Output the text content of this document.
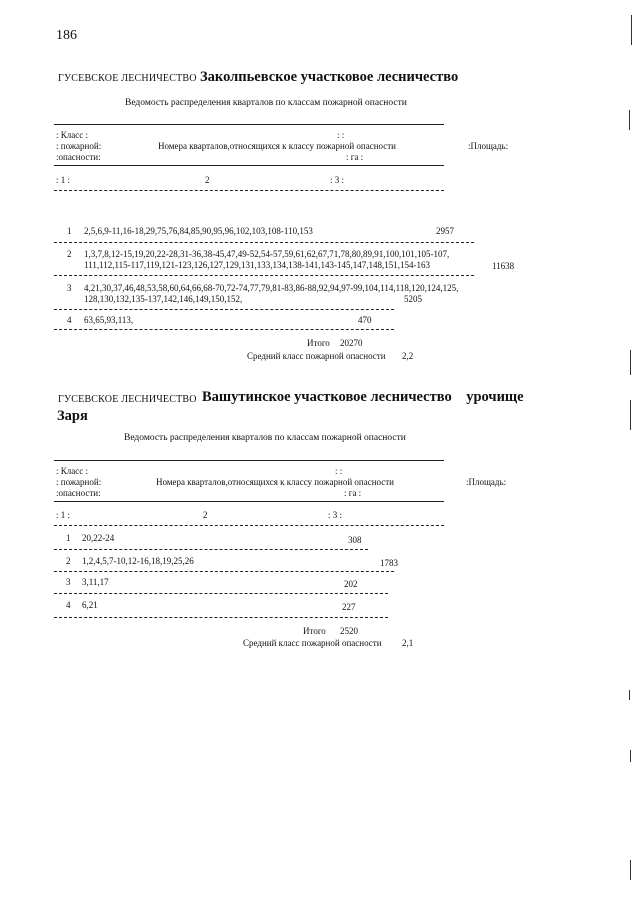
186
ГУСЕВСКОЕ ЛЕСНИЧЕСТВО Заколпьевское участковое лесничество
Ведомость распределения кварталов по классам пожарной опасности
: Класс :
: пожарной:
:опасности:
: :
Номера кварталов,относящихся к классу пожарной опасности
: га :
:Площадь:
: 1 :	2	: 3 :
1 2,5,6,9-11,16-18,29,75,76,84,85,90,95,96,102,103,108-110,153	2957
2 1,3,7,8,12-15,19,20,22-28,31-36,38-45,47,49-52,54-57,59,61,62,67,71,78,80,89,91,100,101,105-107,
111,112,115-117,119,121-123,126,127,129,131,133,134,138-141,143-145,147,148,151,154-163	11638
3 4,21,30,37,46,48,53,58,60,64,66,68-70,72-74,77,79,81-83,86-88,92,94,97-99,104,114,118,120,124,125,
128,130,132,135-137,142,146,149,150,152,	5205
4 63,65,93,113,	470
Итого 20270
Средний класс пожарной опасности 2,2
ГУСЕВСКОЕ ЛЕСНИЧЕСТВО Вашутинское участковое лесничество    урочище
Заря
Ведомость распределения кварталов по классам пожарной опасности
: Класс :
: пожарной:
:опасности:
: :
Номера кварталов,относящихся к классу пожарной опасности
: га :
:Площадь:
: 1 :	2	: 3 :
1 20,22-24	308
2 1,2,4,5,7-10,12-16,18,19,25,26	1783
3 3,11,17	202
4 6,21	227
Итого 2520
Средний класс пожарной опасности 2,1
